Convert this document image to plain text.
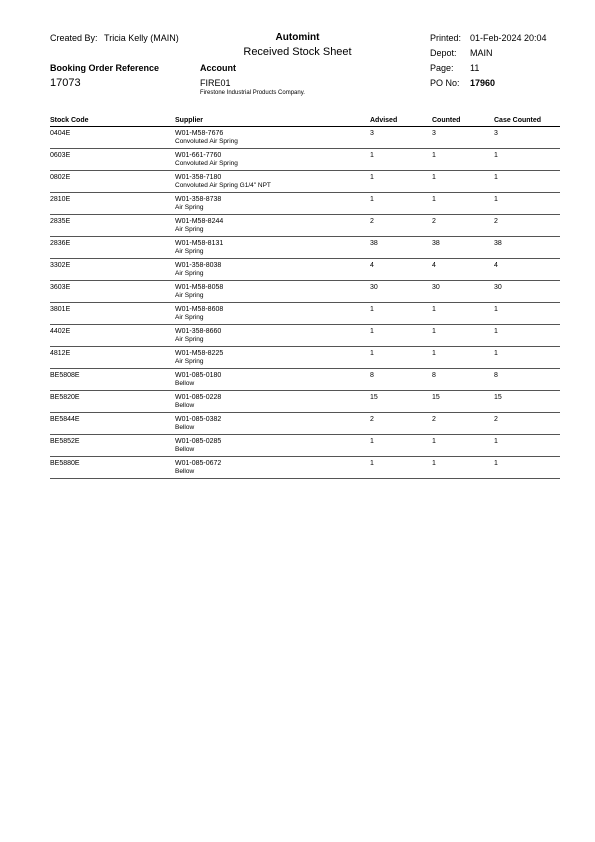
Created By: Tricia Kelly (MAIN)	Automint
Received Stock Sheet
Printed: 01-Feb-2024 20:04
Depot: MAIN
Booking Order Reference	Account	Page: 11
17073	FIRE01
Firestone Industrial Products Company.
PO No: 17960
Stock Code	Supplier	Advised	Counted	Case Counted
0404E	W01-M58-7676
Convoluted Air Spring	3	3	3
0603E	W01-661-7760
Convoluted Air Spring	1	1	1
0802E	W01-358-7180
Convoluted Air Spring G1/4" NPT	1	1	1
2810E	W01-358-8738
Air Spring	1	1	1
2835E	W01-M58-8244
Air Spring	2	2	2
2836E	W01-M58-8131
Air Spring	38	38	38
3302E	W01-358-8038
Air Spring	4	4	4
3603E	W01-M58-8058
Air Spring	30	30	30
3801E	W01-M58-8608
Air Spring	1	1	1
4402E	W01-358-8660
Air Spring	1	1	1
4812E	W01-M58-8225
Air Spring	1	1	1
BE5808E	W01-085-0180
Bellow	8	8	8
BE5820E	W01-085-0228
Bellow	15	15	15
BE5844E	W01-085-0382
Bellow	2	2	2
BE5852E	W01-085-0285
Bellow	1	1	1
BE5880E	W01-085-0672
Bellow	1	1	1
